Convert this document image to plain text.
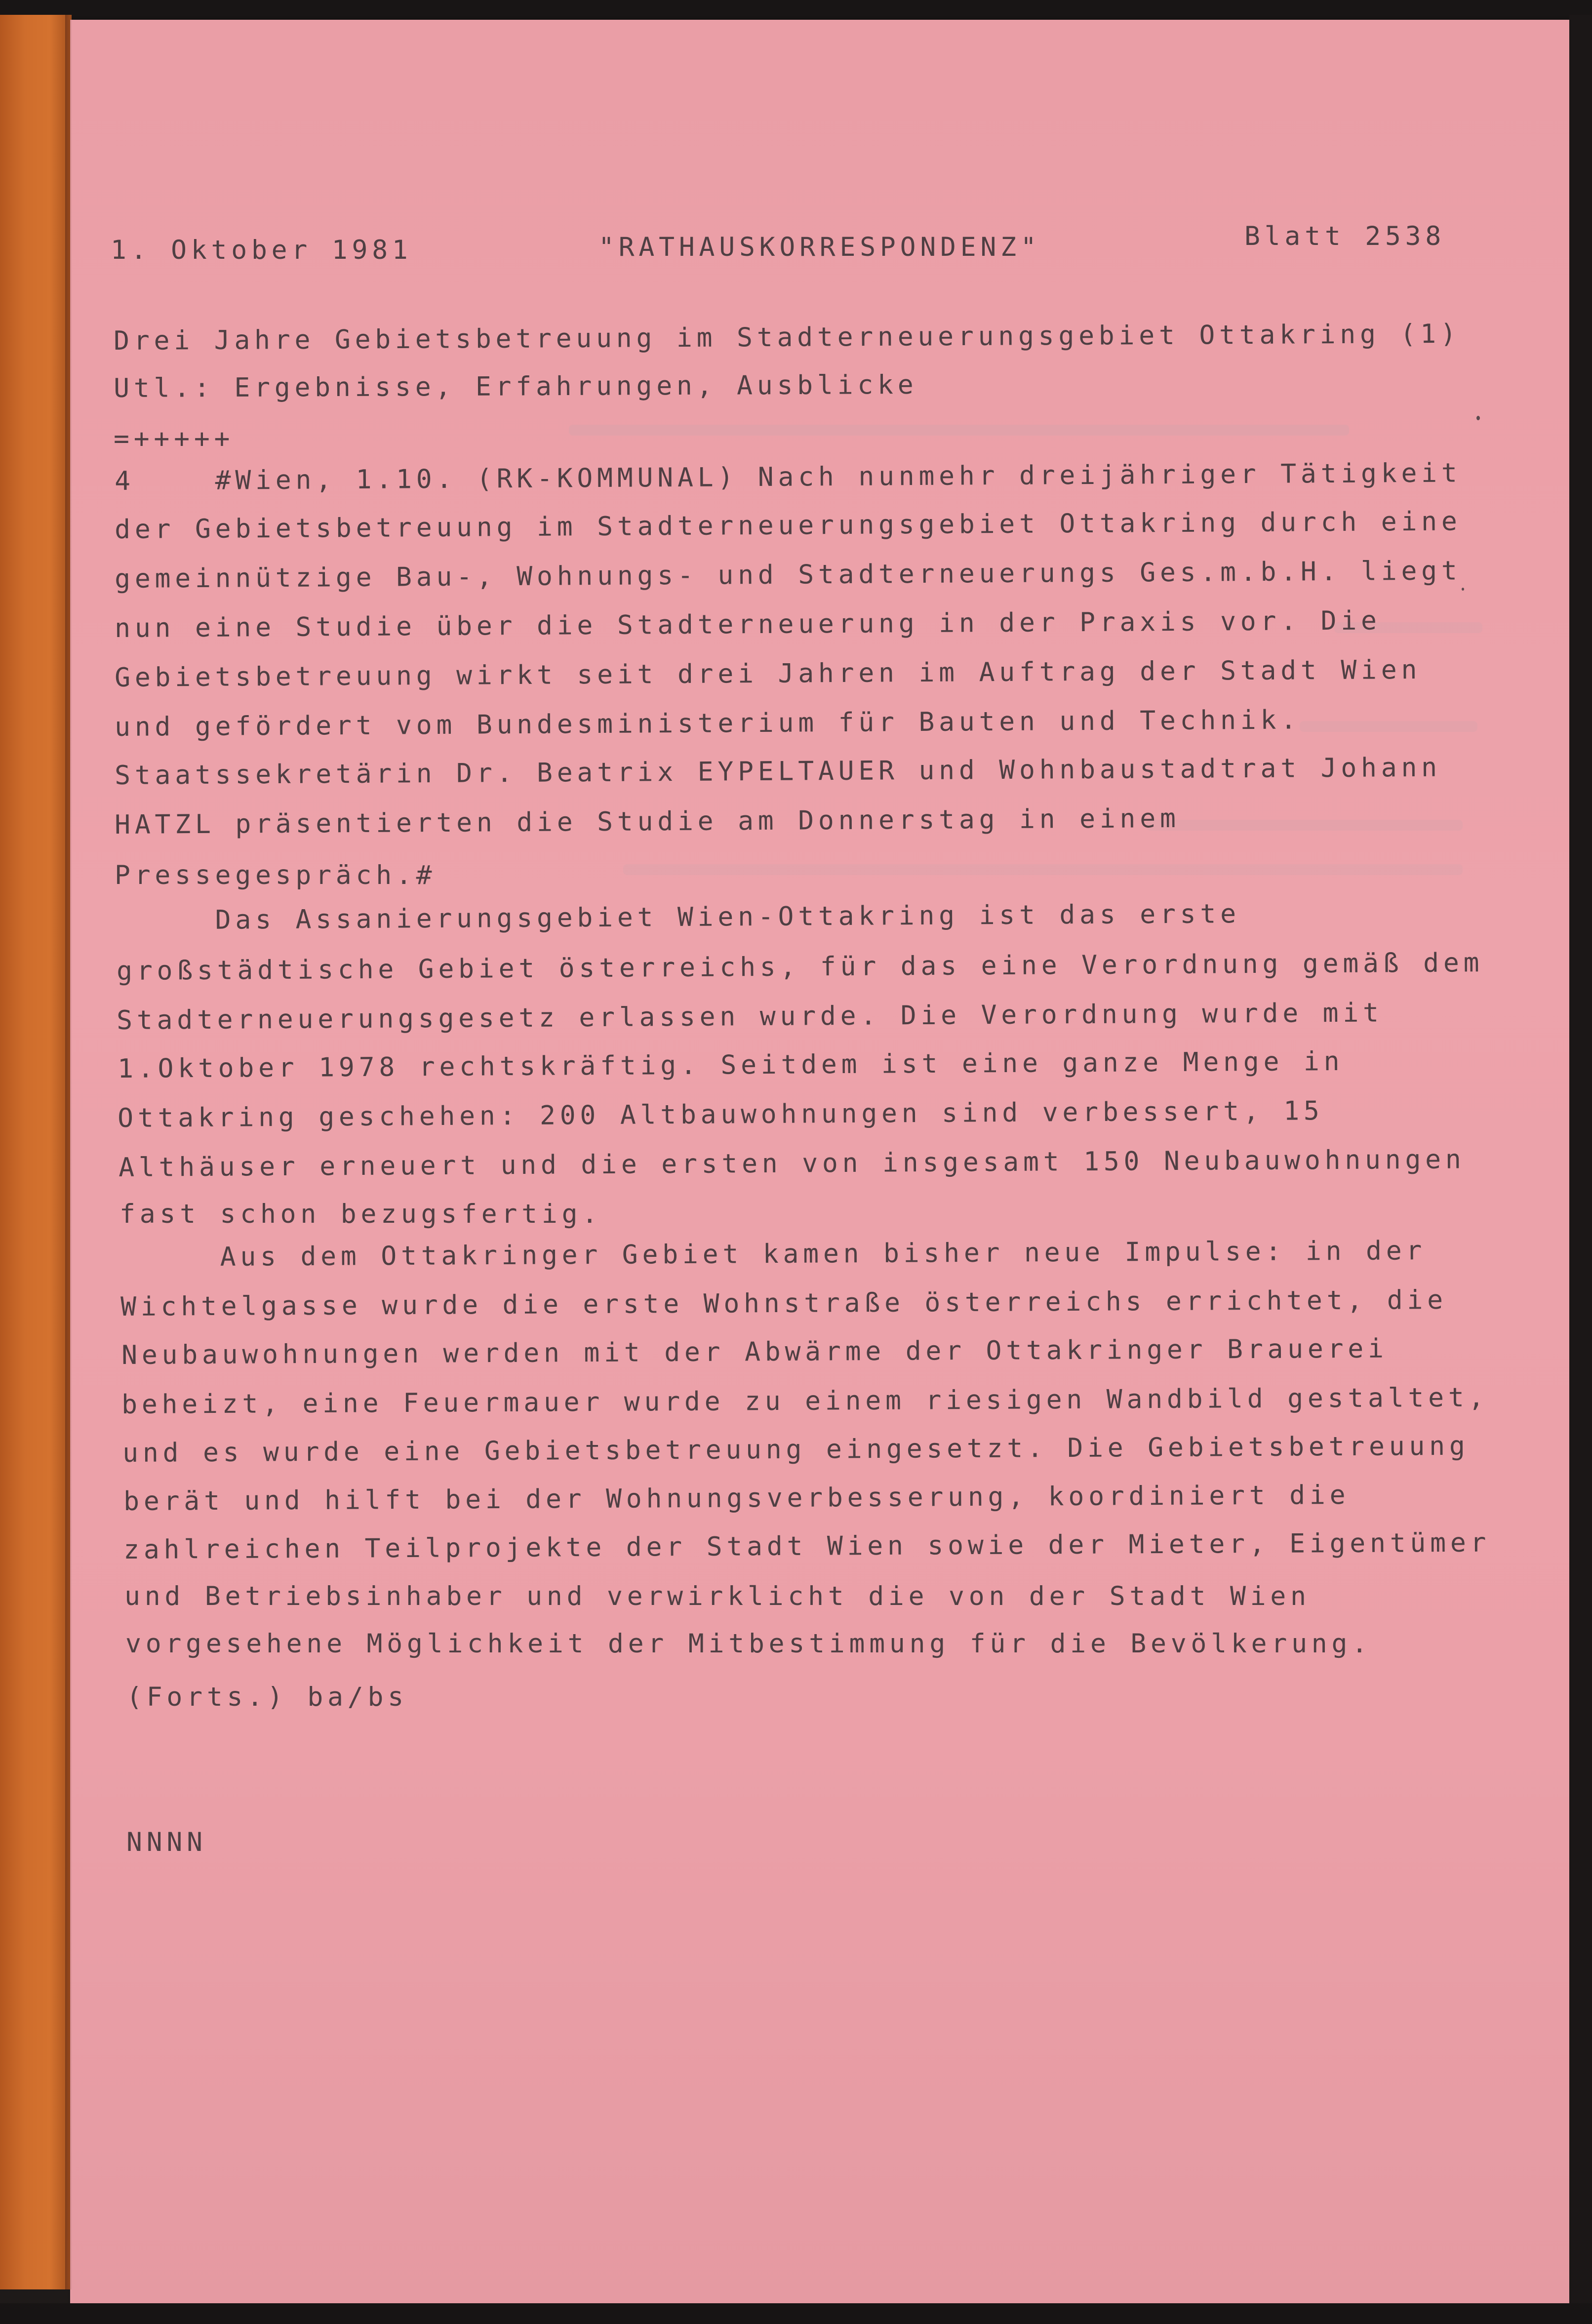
1. Oktober 1981	"RATHAUSKORRESPONDENZ"	Blatt 2538
Drei Jahre Gebietsbetreuung im Stadterneuerungsgebiet Ottakring (1)
Utl.: Ergebnisse, Erfahrungen, Ausblicke
=+++++
4    #Wien, 1.10. (RK-KOMMUNAL) Nach nunmehr dreijähriger Tätigkeit
der Gebietsbetreuung im Stadterneuerungsgebiet Ottakring durch eine
gemeinnützige Bau-, Wohnungs- und Stadterneuerungs Ges.m.b.H. liegt
nun eine Studie über die Stadterneuerung in der Praxis vor. Die
Gebietsbetreuung wirkt seit drei Jahren im Auftrag der Stadt Wien
und gefördert vom Bundesministerium für Bauten und Technik.
Staatssekretärin Dr. Beatrix EYPELTAUER und Wohnbaustadtrat Johann
HATZL präsentierten die Studie am Donnerstag in einem
Pressegespräch.#
Das Assanierungsgebiet Wien-Ottakring ist das erste
großstädtische Gebiet österreichs, für das eine Verordnung gemäß dem
Stadterneuerungsgesetz erlassen wurde. Die Verordnung wurde mit
1.Oktober 1978 rechtskräftig. Seitdem ist eine ganze Menge in
Ottakring geschehen: 200 Altbauwohnungen sind verbessert, 15
Althäuser erneuert und die ersten von insgesamt 150 Neubauwohnungen
fast schon bezugsfertig.
Aus dem Ottakringer Gebiet kamen bisher neue Impulse: in der
Wichtelgasse wurde die erste Wohnstraße österreichs errichtet, die
Neubauwohnungen werden mit der Abwärme der Ottakringer Brauerei
beheizt, eine Feuermauer wurde zu einem riesigen Wandbild gestaltet,
und es wurde eine Gebietsbetreuung eingesetzt. Die Gebietsbetreuung
berät und hilft bei der Wohnungsverbesserung, koordiniert die
zahlreichen Teilprojekte der Stadt Wien sowie der Mieter, Eigentümer
und Betriebsinhaber und verwirklicht die von der Stadt Wien
vorgesehene Möglichkeit der Mitbestimmung für die Bevölkerung.
(Forts.) ba/bs
NNNN
